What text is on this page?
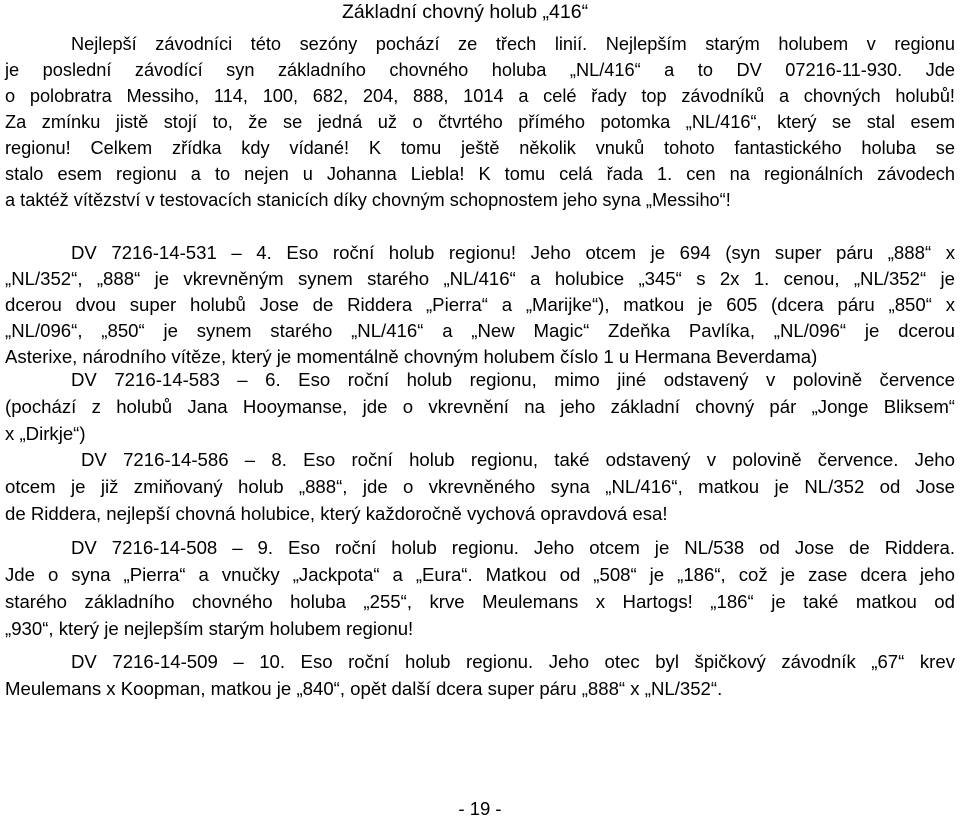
Základní chovný holub „416“
Nejlepší závodníci této sezóny pochází ze třech linií. Nejlepším starým holubem v regionu
je poslední závodící syn základního chovného holuba „NL/416“ a to DV 07216-11-930. Jde
o polobratra Messiho, 114, 100, 682, 204, 888, 1014 a celé řady top závodníků a chovných holubů!
Za zmínku jistě stojí to, že se jedná už o čtvrtého přímého potomka „NL/416“, který se stal esem
regionu! Celkem zřídka kdy vídané! K tomu ještě několik vnuků tohoto fantastického holuba se
stalo esem regionu a to nejen u Johanna Liebla! K tomu celá řada 1. cen na regionálních závodech
a taktéž vítězství v testovacích stanicích díky chovným schopnostem jeho syna „Messiho“!
DV 7216-14-531 – 4. Eso roční holub regionu! Jeho otcem je 694 (syn super páru „888“ x
„NL/352“, „888“ je vkrevněným synem starého „NL/416“ a holubice „345“ s 2x 1. cenou, „NL/352“ je
dcerou dvou super holubů Jose de Riddera „Pierra“ a „Marijke“), matkou je 605 (dcera páru „850“ x
„NL/096“, „850“ je synem starého „NL/416“ a „New Magic“ Zdeňka Pavlíka, „NL/096“ je dcerou
Asterixe, národního vítěze, který je momentálně chovným holubem číslo 1 u Hermana Beverdama)
DV 7216-14-583 – 6. Eso roční holub regionu, mimo jiné odstavený v polovině července
(pochází z holubů Jana Hooymanse, jde o vkrevnění na jeho základní chovný pár „Jonge Bliksem“
x „Dirkje“)
DV 7216-14-586 – 8. Eso roční holub regionu, také odstavený v polovině července. Jeho
otcem je již zmiňovaný holub „888“, jde o vkrevněného syna „NL/416“, matkou je NL/352 od Jose
de Riddera, nejlepší chovná holubice, který každoročně vychová opravdová esa!
DV 7216-14-508 – 9. Eso roční holub regionu. Jeho otcem je NL/538 od Jose de Riddera.
Jde o syna „Pierra“ a vnučky „Jackpota“ a „Eura“. Matkou od „508“ je „186“, což je zase dcera jeho
starého základního chovného holuba „255“, krve Meulemans x Hartogs! „186“ je také matkou od
„930“, který je nejlepším starým holubem regionu!
DV 7216-14-509 – 10. Eso roční holub regionu. Jeho otec byl špičkový závodník „67“ krev
Meulemans x Koopman, matkou je „840“, opět další dcera super páru „888“ x „NL/352“.
- 19 -
